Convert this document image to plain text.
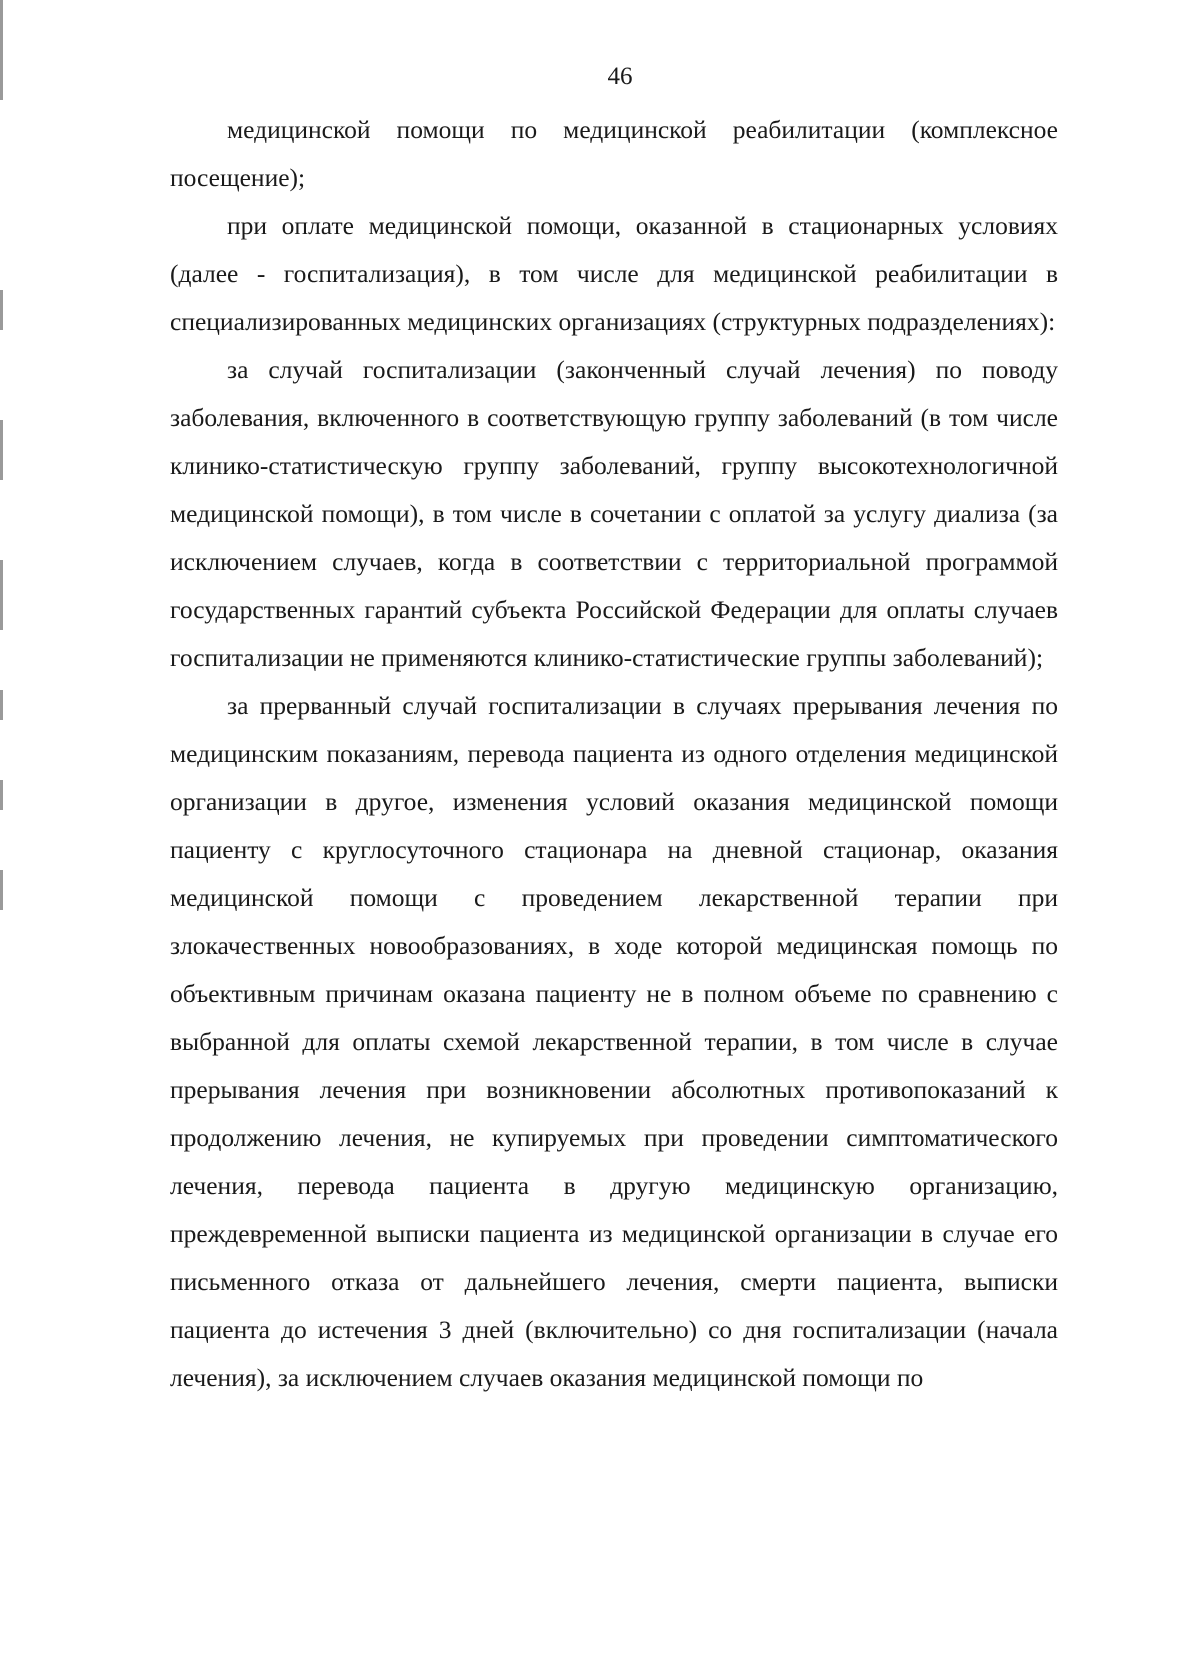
46

медицинской помощи по медицинской реабилитации (комплексное посещение);

при оплате медицинской помощи, оказанной в стационарных условиях (далее - госпитализация), в том числе для медицинской реабилитации в специализированных медицинских организациях (структурных подразделениях):

за случай госпитализации (законченный случай лечения) по поводу заболевания, включенного в соответствующую группу заболеваний (в том числе клинико-статистическую группу заболеваний, группу высокотехнологичной медицинской помощи), в том числе в сочетании с оплатой за услугу диализа (за исключением случаев, когда в соответствии с территориальной программой государственных гарантий субъекта Российской Федерации для оплаты случаев госпитализации не применяются клинико-статистические группы заболеваний);

за прерванный случай госпитализации в случаях прерывания лечения по медицинским показаниям, перевода пациента из одного отделения медицинской организации в другое, изменения условий оказания медицинской помощи пациенту с круглосуточного стационара на дневной стационар, оказания медицинской помощи с проведением лекарственной терапии при злокачественных новообразованиях, в ходе которой медицинская помощь по объективным причинам оказана пациенту не в полном объеме по сравнению с выбранной для оплаты схемой лекарственной терапии, в том числе в случае прерывания лечения при возникновении абсолютных противопоказаний к продолжению лечения, не купируемых при проведении симптоматического лечения, перевода пациента в другую медицинскую организацию, преждевременной выписки пациента из медицинской организации в случае его письменного отказа от дальнейшего лечения, смерти пациента, выписки пациента до истечения 3 дней (включительно) со дня госпитализации (начала лечения), за исключением случаев оказания медицинской помощи по
